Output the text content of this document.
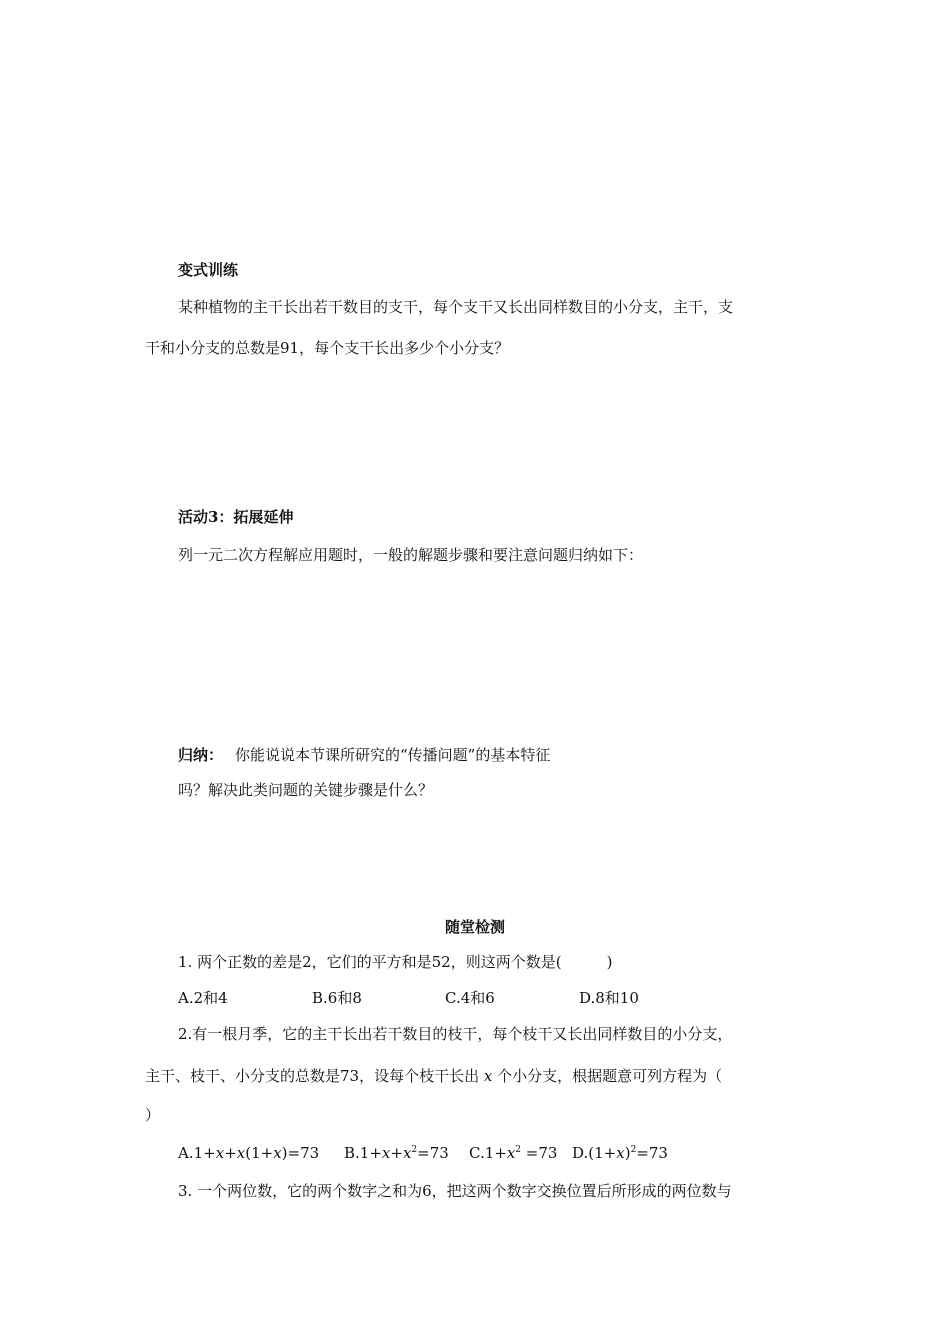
变式训练
某种植物的主干长出若干数目的支干，每个支干又长出同样数目的小分支，主干，支
干和小分支的总数是91，每个支干长出多少个小分支？
活动3：拓展延伸
列一元二次方程解应用题时，一般的解题步骤和要注意问题归纳如下：
归纳： 你能说说本节课所研究的“传播问题”的基本特征
吗？解决此类问题的关键步骤是什么？
随堂检测
1. 两个正数的差是2，它们的平方和是52，则这两个数是(　　　)
A.2和4	B.6和8	C.4和6	D.8和10
2.有一根月季，它的主干长出若干数目的枝干，每个枝干又长出同样数目的小分支，
主干、枝干、小分支的总数是73，设每个枝干长出 x 个小分支，根据题意可列方程为（
）
A.1+x+x(1+x)=73 $B.1+x+x^2=73$ $C.1+x^2 =73$ $D.(1+x)^2=73$
3. 一个两位数，它的两个数字之和为6，把这两个数字交换位置后所形成的两位数与
